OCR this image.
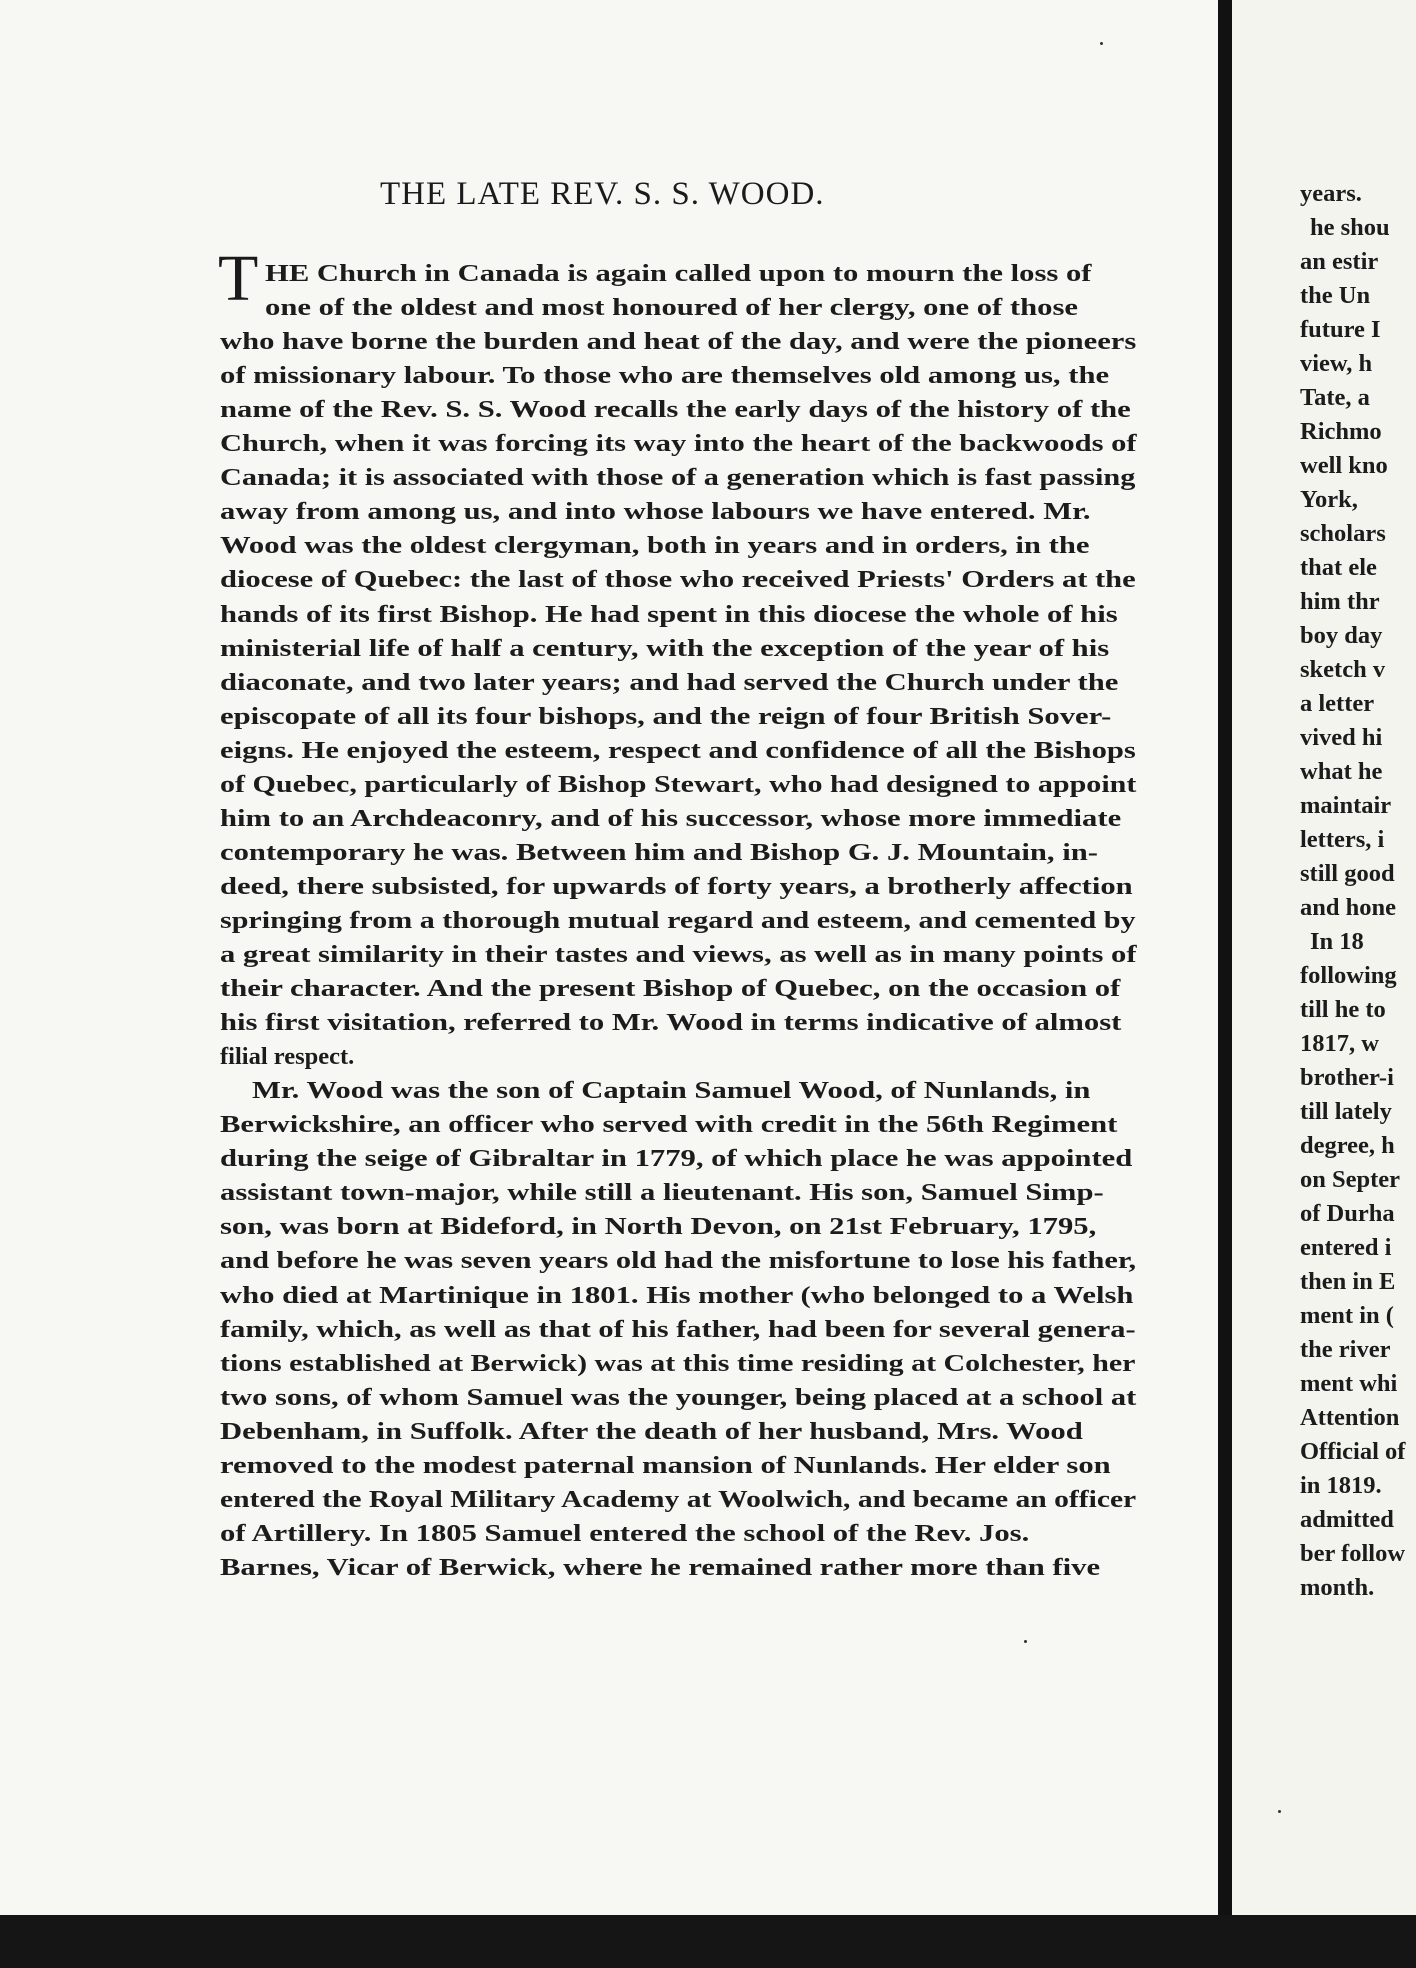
THE LATE REV. S. S. WOOD.
T HE Church in Canada is again called upon to mourn the loss of

one of the oldest and most honoured of her clergy, one of those

who have borne the burden and heat of the day, and were the pioneers

of missionary labour. To those who are themselves old among us, the

name of the Rev. S. S. Wood recalls the early days of the history of the

Church, when it was forcing its way into the heart of the backwoods of

Canada; it is associated with those of a generation which is fast passing

away from among us, and into whose labours we have entered. Mr.

Wood was the oldest clergyman, both in years and in orders, in the

diocese of Quebec: the last of those who received Priests' Orders at the

hands of its first Bishop. He had spent in this diocese the whole of his

ministerial life of half a century, with the exception of the year of his

diaconate, and two later years; and had served the Church under the

episcopate of all its four bishops, and the reign of four British Sover-

eigns. He enjoyed the esteem, respect and confidence of all the Bishops

of Quebec, particularly of Bishop Stewart, who had designed to appoint

him to an Archdeaconry, and of his successor, whose more immediate

contemporary he was. Between him and Bishop G. J. Mountain, in-

deed, there subsisted, for upwards of forty years, a brotherly affection

springing from a thorough mutual regard and esteem, and cemented by

a great similarity in their tastes and views, as well as in many points of

their character. And the present Bishop of Quebec, on the occasion of

his first visitation, referred to Mr. Wood in terms indicative of almost

filial respect.

Mr. Wood was the son of Captain Samuel Wood, of Nunlands, in

Berwickshire, an officer who served with credit in the 56th Regiment

during the seige of Gibraltar in 1779, of which place he was appointed

assistant town-major, while still a lieutenant. His son, Samuel Simp-

son, was born at Bideford, in North Devon, on 21st February, 1795,

and before he was seven years old had the misfortune to lose his father,

who died at Martinique in 1801. His mother (who belonged to a Welsh

family, which, as well as that of his father, had been for several genera-

tions established at Berwick) was at this time residing at Colchester, her

two sons, of whom Samuel was the younger, being placed at a school at

Debenham, in Suffolk. After the death of her husband, Mrs. Wood

removed to the modest paternal mansion of Nunlands. Her elder son

entered the Royal Military Academy at Woolwich, and became an officer

of Artillery. In 1805 Samuel entered the school of the Rev. Jos.

Barnes, Vicar of Berwick, where he remained rather more than five

years.

he shou

an estir

the Un

future I

view, h

Tate, a

Richmo

well kno

York,

scholars

that ele

him thr

boy day

sketch v

a letter

vived hi

what he

maintair

letters, i

still good

and hone

In 18

following

till he to

1817, w

brother-i

till lately

degree, h

on Septer

of Durha

entered i

then in E

ment in (

the river

ment whi

Attention

Official of

in 1819.

admitted

ber follow

month.
